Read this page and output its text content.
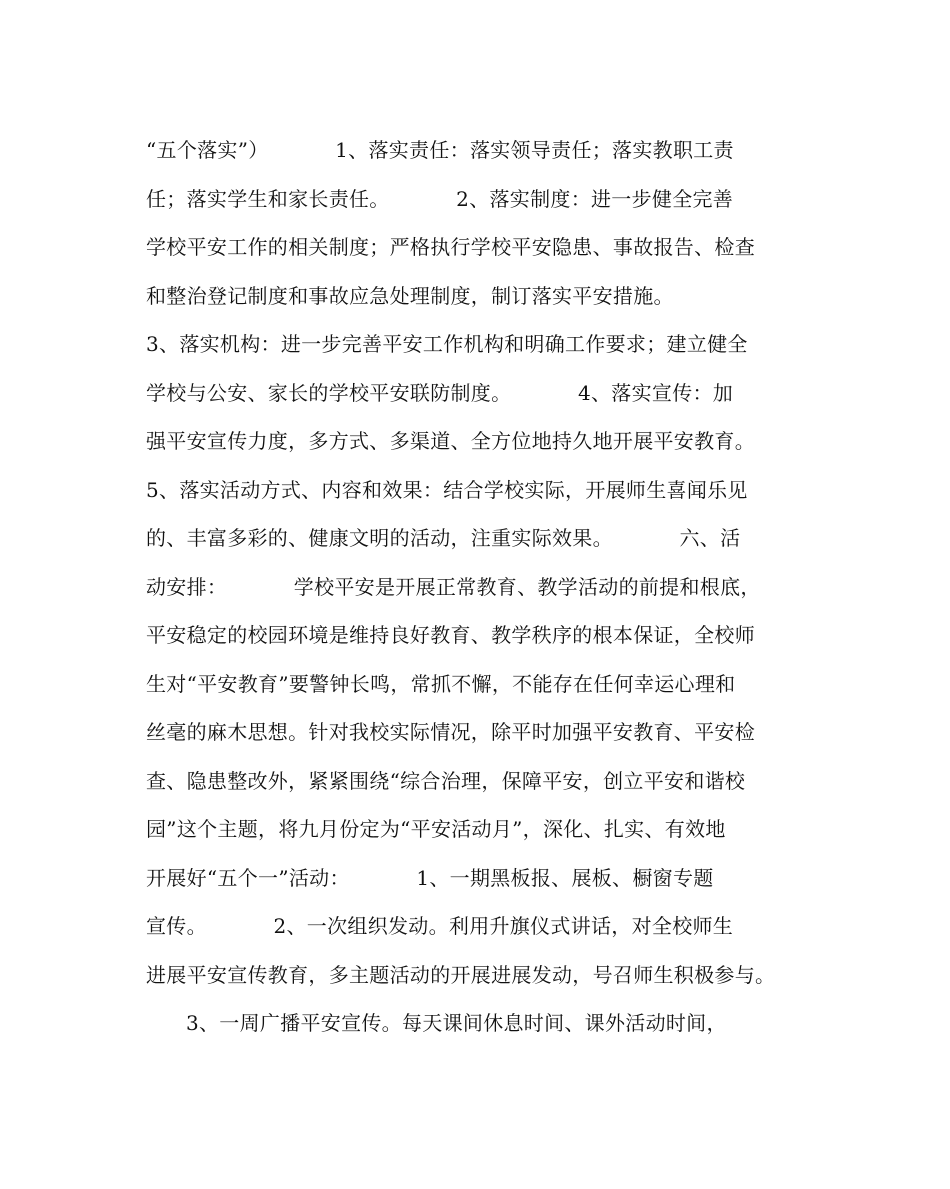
“五个落实”）          1、落实责任：落实领导责任；落实教职工责
任；落实学生和家长责任。          2、落实制度：进一步健全完善
学校平安工作的相关制度；严格执行学校平安隐患、事故报告、检查
和整治登记制度和事故应急处理制度，制订落实平安措施。
3、落实机构：进一步完善平安工作机构和明确工作要求；建立健全
学校与公安、家长的学校平安联防制度。          4、落实宣传：加
强平安宣传力度，多方式、多渠道、全方位地持久地开展平安教育。
5、落实活动方式、内容和效果：结合学校实际，开展师生喜闻乐见
的、丰富多彩的、健康文明的活动，注重实际效果。          六、活
动安排：          学校平安是开展正常教育、教学活动的前提和根底，
平安稳定的校园环境是维持良好教育、教学秩序的根本保证，全校师
生对“平安教育”要警钟长鸣，常抓不懈，不能存在任何幸运心理和
丝毫的麻木思想。针对我校实际情况，除平时加强平安教育、平安检
查、隐患整改外，紧紧围绕“综合治理，保障平安，创立平安和谐校
园”这个主题，将九月份定为“平安活动月”，深化、扎实、有效地
开展好“五个一”活动：          1、一期黑板报、展板、橱窗专题
宣传。          2、一次组织发动。利用升旗仪式讲话，对全校师生
进展平安宣传教育，多主题活动的开展进展发动，号召师生积极参与。
3、一周广播平安宣传。每天课间休息时间、课外活动时间，
